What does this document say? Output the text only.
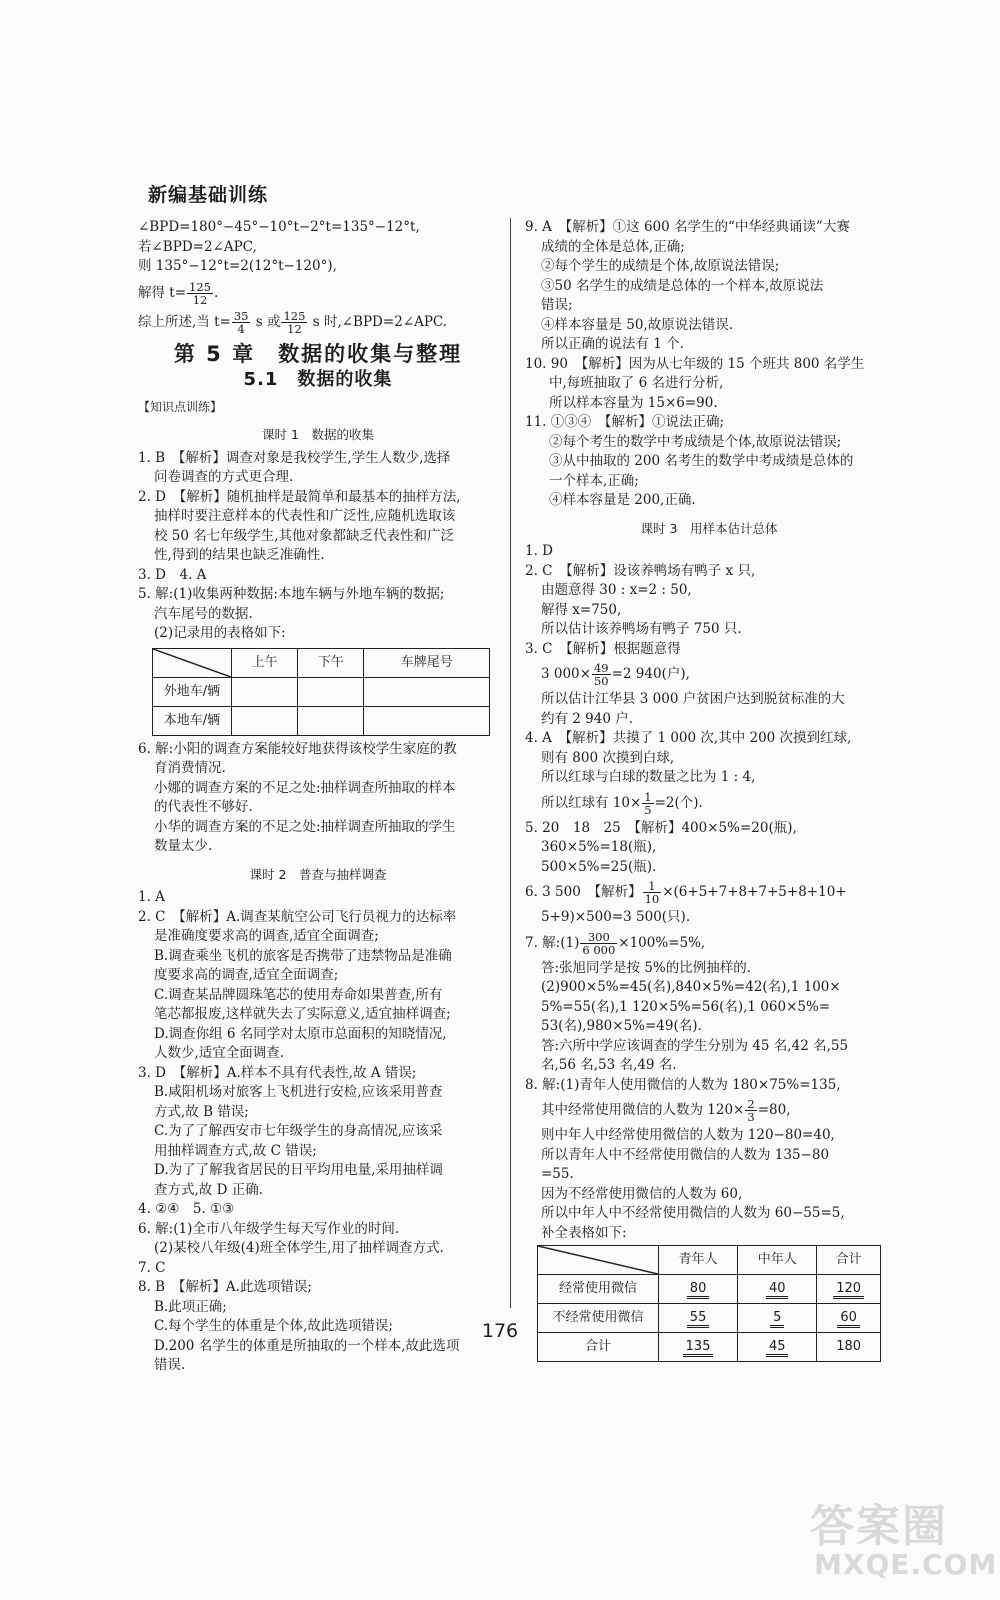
新编基础训练
∠BPD=180°−45°−10°t−2°t=135°−12°t,
若∠BPD=2∠APC,
则 135°−12°t=2(12°t−120°),
解得 $t= \frac{125}{12}$ .
综上所述,当 $t= \frac{35}{4}$ s 或 $\frac{125}{12}$ s 时,∠BPD=2∠APC.
第 5 章　数据的收集与整理
5.1　数据的收集
【知识点训练】
课时 1　数据的收集
1. B　【解析】调查对象是我校学生,学生人数少,选择
问卷调查的方式更合理.
2. D　【解析】随机抽样是最简单和最基本的抽样方法,
抽样时要注意样本的代表性和广泛性,应随机选取该
校 50 名七年级学生,其他对象都缺乏代表性和广泛
性,得到的结果也缺乏准确性.
3. D　4. A
5. 解:(1)收集两种数据:本地车辆与外地车辆的数据;
汽车尾号的数据.
(2)记录用的表格如下:
	上午	下午	车牌尾号
外地车/辆			
本地车/辆			
6. 解:小阳的调查方案能较好地获得该校学生家庭的教
育消费情况.
小娜的调查方案的不足之处:抽样调查所抽取的样本
的代表性不够好.
小华的调查方案的不足之处:抽样调查所抽取的学生
数量太少.
课时 2　普查与抽样调查
1. A
2. C　【解析】A.调查某航空公司飞行员视力的达标率
是准确度要求高的调查,适宜全面调查;
B.调查乘坐飞机的旅客是否携带了违禁物品是准确
度要求高的调查,适宜全面调查;
C.调查某品牌圆珠笔芯的使用寿命如果普查,所有
笔芯都报废,这样就失去了实际意义,适宜抽样调查;
D.调查你组 6 名同学对太原市总面积的知晓情况,
人数少,适宜全面调查.
3. D　【解析】A.样本不具有代表性,故 A 错误;
B.咸阳机场对旅客上飞机进行安检,应该采用普查
方式,故 B 错误;
C.为了了解西安市七年级学生的身高情况,应该采
用抽样调查方式,故 C 错误;
D.为了了解我省居民的日平均用电量,采用抽样调
查方式,故 D 正确.
4. ②④　5. ①③
6. 解:(1)全市八年级学生每天写作业的时间.
(2)某校八年级(4)班全体学生,用了抽样调查方式.
7. C
8. B　【解析】A.此选项错误;
B.此项正确;
C.每个学生的体重是个体,故此选项错误;
D.200 名学生的体重是所抽取的一个样本,故此选项
错误.
9. A　【解析】①这 600 名学生的“中华经典诵读”大赛
成绩的全体是总体,正确;
②每个学生的成绩是个体,故原说法错误;
③50 名学生的成绩是总体的一个样本,故原说法
错误;
④样本容量是 50,故原说法错误.
所以正确的说法有 1 个.
10. 90　【解析】因为从七年级的 15 个班共 800 名学生
中,每班抽取了 6 名进行分析,
所以样本容量为 15×6=90.
11. ①③④　【解析】①说法正确;
②每个考生的数学中考成绩是个体,故原说法错误;
③从中抽取的 200 名考生的数学中考成绩是总体的
一个样本,正确;
④样本容量是 200,正确.
课时 3　用样本估计总体
1. D
2. C　【解析】设该养鸭场有鸭子 x 只,
由题意得 30 : x=2 : 50,
解得 x=750,
所以估计该养鸭场有鸭子 750 只.
3. C　【解析】根据题意得
3 $000\times \frac{49}{50} =2$ 940(户),
所以估计江华县 3 000 户贫困户达到脱贫标准的大
约有 2 940 户.
4. A　【解析】共摸了 1 000 次,其中 200 次摸到红球,
则有 800 次摸到白球,
所以红球与白球的数量之比为 1 : 4,
所以红球有 $10\times \frac{1}{5} =2$(个).
5. 20　18　25　【解析】400×5%=20(瓶),
360×5%=18(瓶),
500×5%=25(瓶).
6. 3 500　【解析】 $\frac{1}{10} \times(6+5+7+8+7+5+8+10+$
5+9)×500=3 500(只).
7. 解:(1) $\frac{300}{6 000} \times 100\%=5\%$,
答:张旭同学是按 5%的比例抽样的.
(2)900×5%=45(名),840×5%=42(名),1 100×
5%=55(名),1 120×5%=56(名),1 060×5%=
53(名),980×5%=49(名).
答:六所中学应该调查的学生分别为 45 名,42 名,55
名,56 名,53 名,49 名.
8. 解:(1)青年人使用微信的人数为 180×75%=135,
其中经常使用微信的人数为 $120\times \frac{2}{3} =80$,
则中年人中经常使用微信的人数为 120−80=40,
所以青年人中不经常使用微信的人数为 135−80
=55.
因为不经常使用微信的人数为 60,
所以中年人中不经常使用微信的人数为 60−55=5,
补全表格如下:
	青年人	中年人	合计
经常使用微信	80	40	120
不经常使用微信	55	5	60
合计	135	45	180
176
答案圈
MXQE.COM
